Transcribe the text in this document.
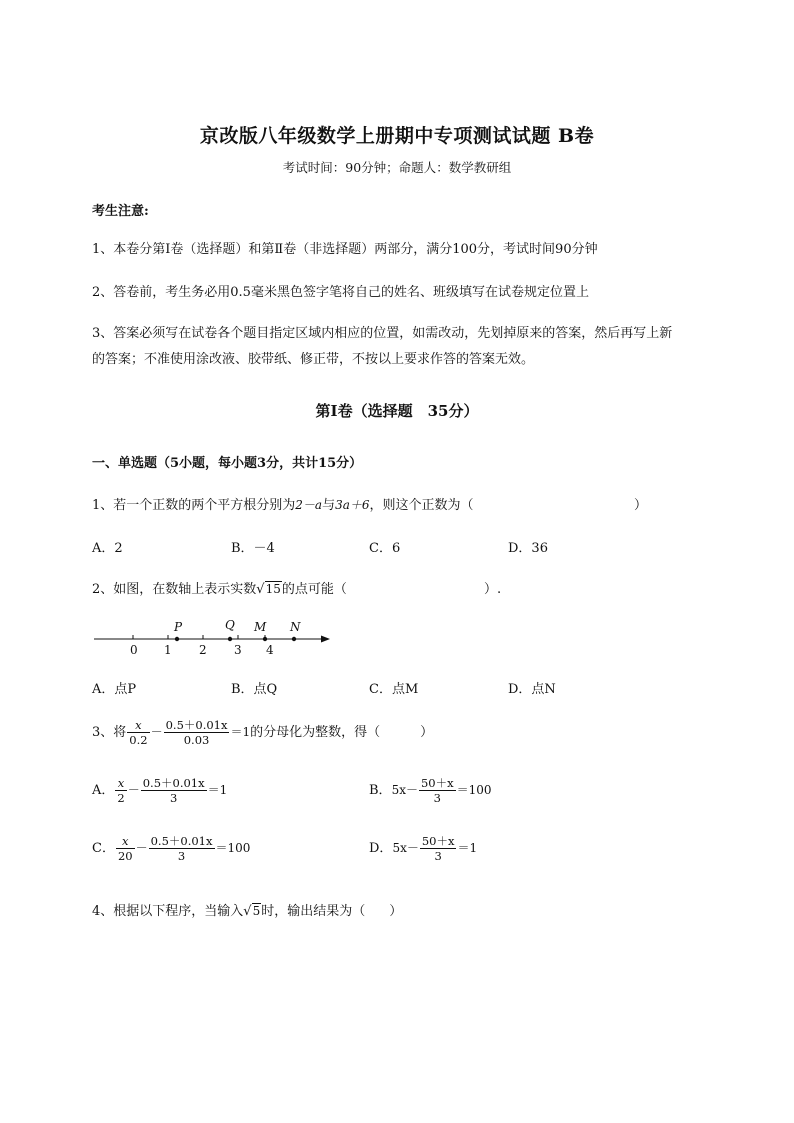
京改版八年级数学上册期中专项测试试题 B卷
考试时间：90分钟；命题人：数学教研组
考生注意:
1、本卷分第I卷（选择题）和第Ⅱ卷（非选择题）两部分，满分100分，考试时间90分钟
2、答卷前，考生务必用0.5毫米黑色签字笔将自己的姓名、班级填写在试卷规定位置上
3、答案必须写在试卷各个题目指定区域内相应的位置，如需改动，先划掉原来的答案，然后再写上新
的答案；不准使用涂改液、胶带纸、修正带，不按以上要求作答的答案无效。
第I卷（选择题　35分）
一、单选题（5小题，每小题3分，共计15分）
1、若一个正数的两个平方根分别为2－a与3a＋6，则这个正数为（	）
A．2	B．－4	C．6	D．36
2、如图，在数轴上表示实数√15的点可能（	）.
0 1 2 3 4
P	Q M N
A．点P	B．点Q	C．点M	D．点N
3、将 $\frac{x}{0.2} - \frac{0.5+0.01x}{0.03} =1$的分母化为整数，得（	）
A． $\frac{x}{2} - \frac{0.5+0.01x}{3} =1$	B．$5x- \frac{50+x}{3} =100$
C． $\frac{x}{20} - \frac{0.5+0.01x}{3} =100$	D．$5x- \frac{50+x}{3} =1$
4、根据以下程序，当输入√5时，输出结果为（ ）
